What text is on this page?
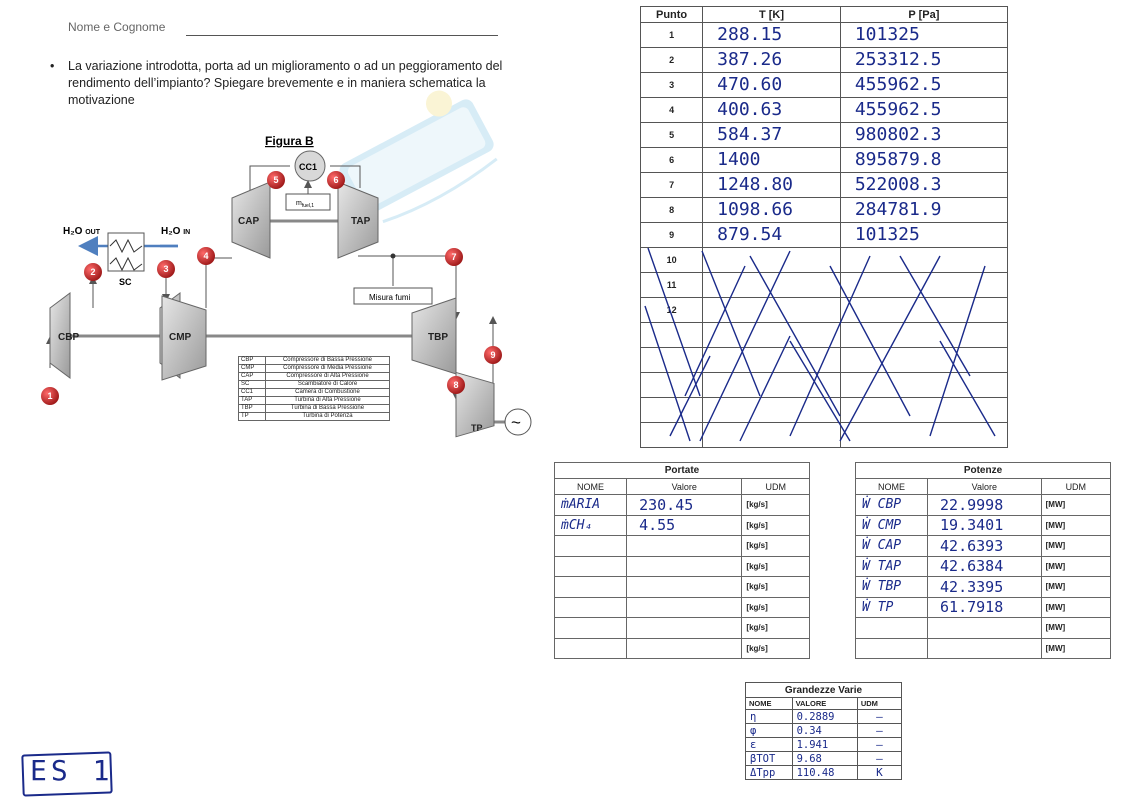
Nome e Cognome
• La variazione introdotta, porta ad un miglioramento o ad un peggioramento del rendimento dell’impianto? Spiegare brevemente e in maniera schematica la motivazione
Figura B
CBP	CMP
CAP	TAP
TBP
TP ~
CC1
$m_{fuel,1}$
SC
H₂O OUT	H₂O IN
Misura fumi
1
2	3
4
5	6
7
8
9
CBP	Compressore di Bassa Pressione
CMP	Compressore di Media Pressione
CAP	Compressore di Alta Pressione
SC	Scambiatore di Calore
CC1	Camera di Combustione
TAP	Turbina di Alta Pressione
TBP	Turbina di Bassa Pressione
TP	Turbina di Potenza
Punto	T [K]	P [Pa]
1	288.15	101325
2	387.26	253312.5
3	470.60	455962.5
4	400.63	455962.5
5	584.37	980802.3
6	1400	895879.8
7	1248.80	522008.3
8	1098.66	284781.9
9	879.54	101325
10		
11		
12		

Portate		
NOME	Valore	UDM
ṁARIA	230.45	[kg/s]
ṁCH₄	4.55	[kg/s]
		[kg/s]
		[kg/s]
		[kg/s]
		[kg/s]
		[kg/s]
		[kg/s]
Potenze		
NOME	Valore	UDM
Ẇ CBP	22.9998	[MW]
Ẇ CMP	19.3401	[MW]
Ẇ CAP	42.6393	[MW]
Ẇ TAP	42.6384	[MW]
Ẇ TBP	42.3395	[MW]
Ẇ TP	61.7918	[MW]
		[MW]
		[MW]
Grandezze Varie		
NOME	VALORE	UDM
η	0.2889	—
φ	0.34	—
ε	1.941	—
βTOT	9.68	—
ΔTpp	110.48	K
ES 1
